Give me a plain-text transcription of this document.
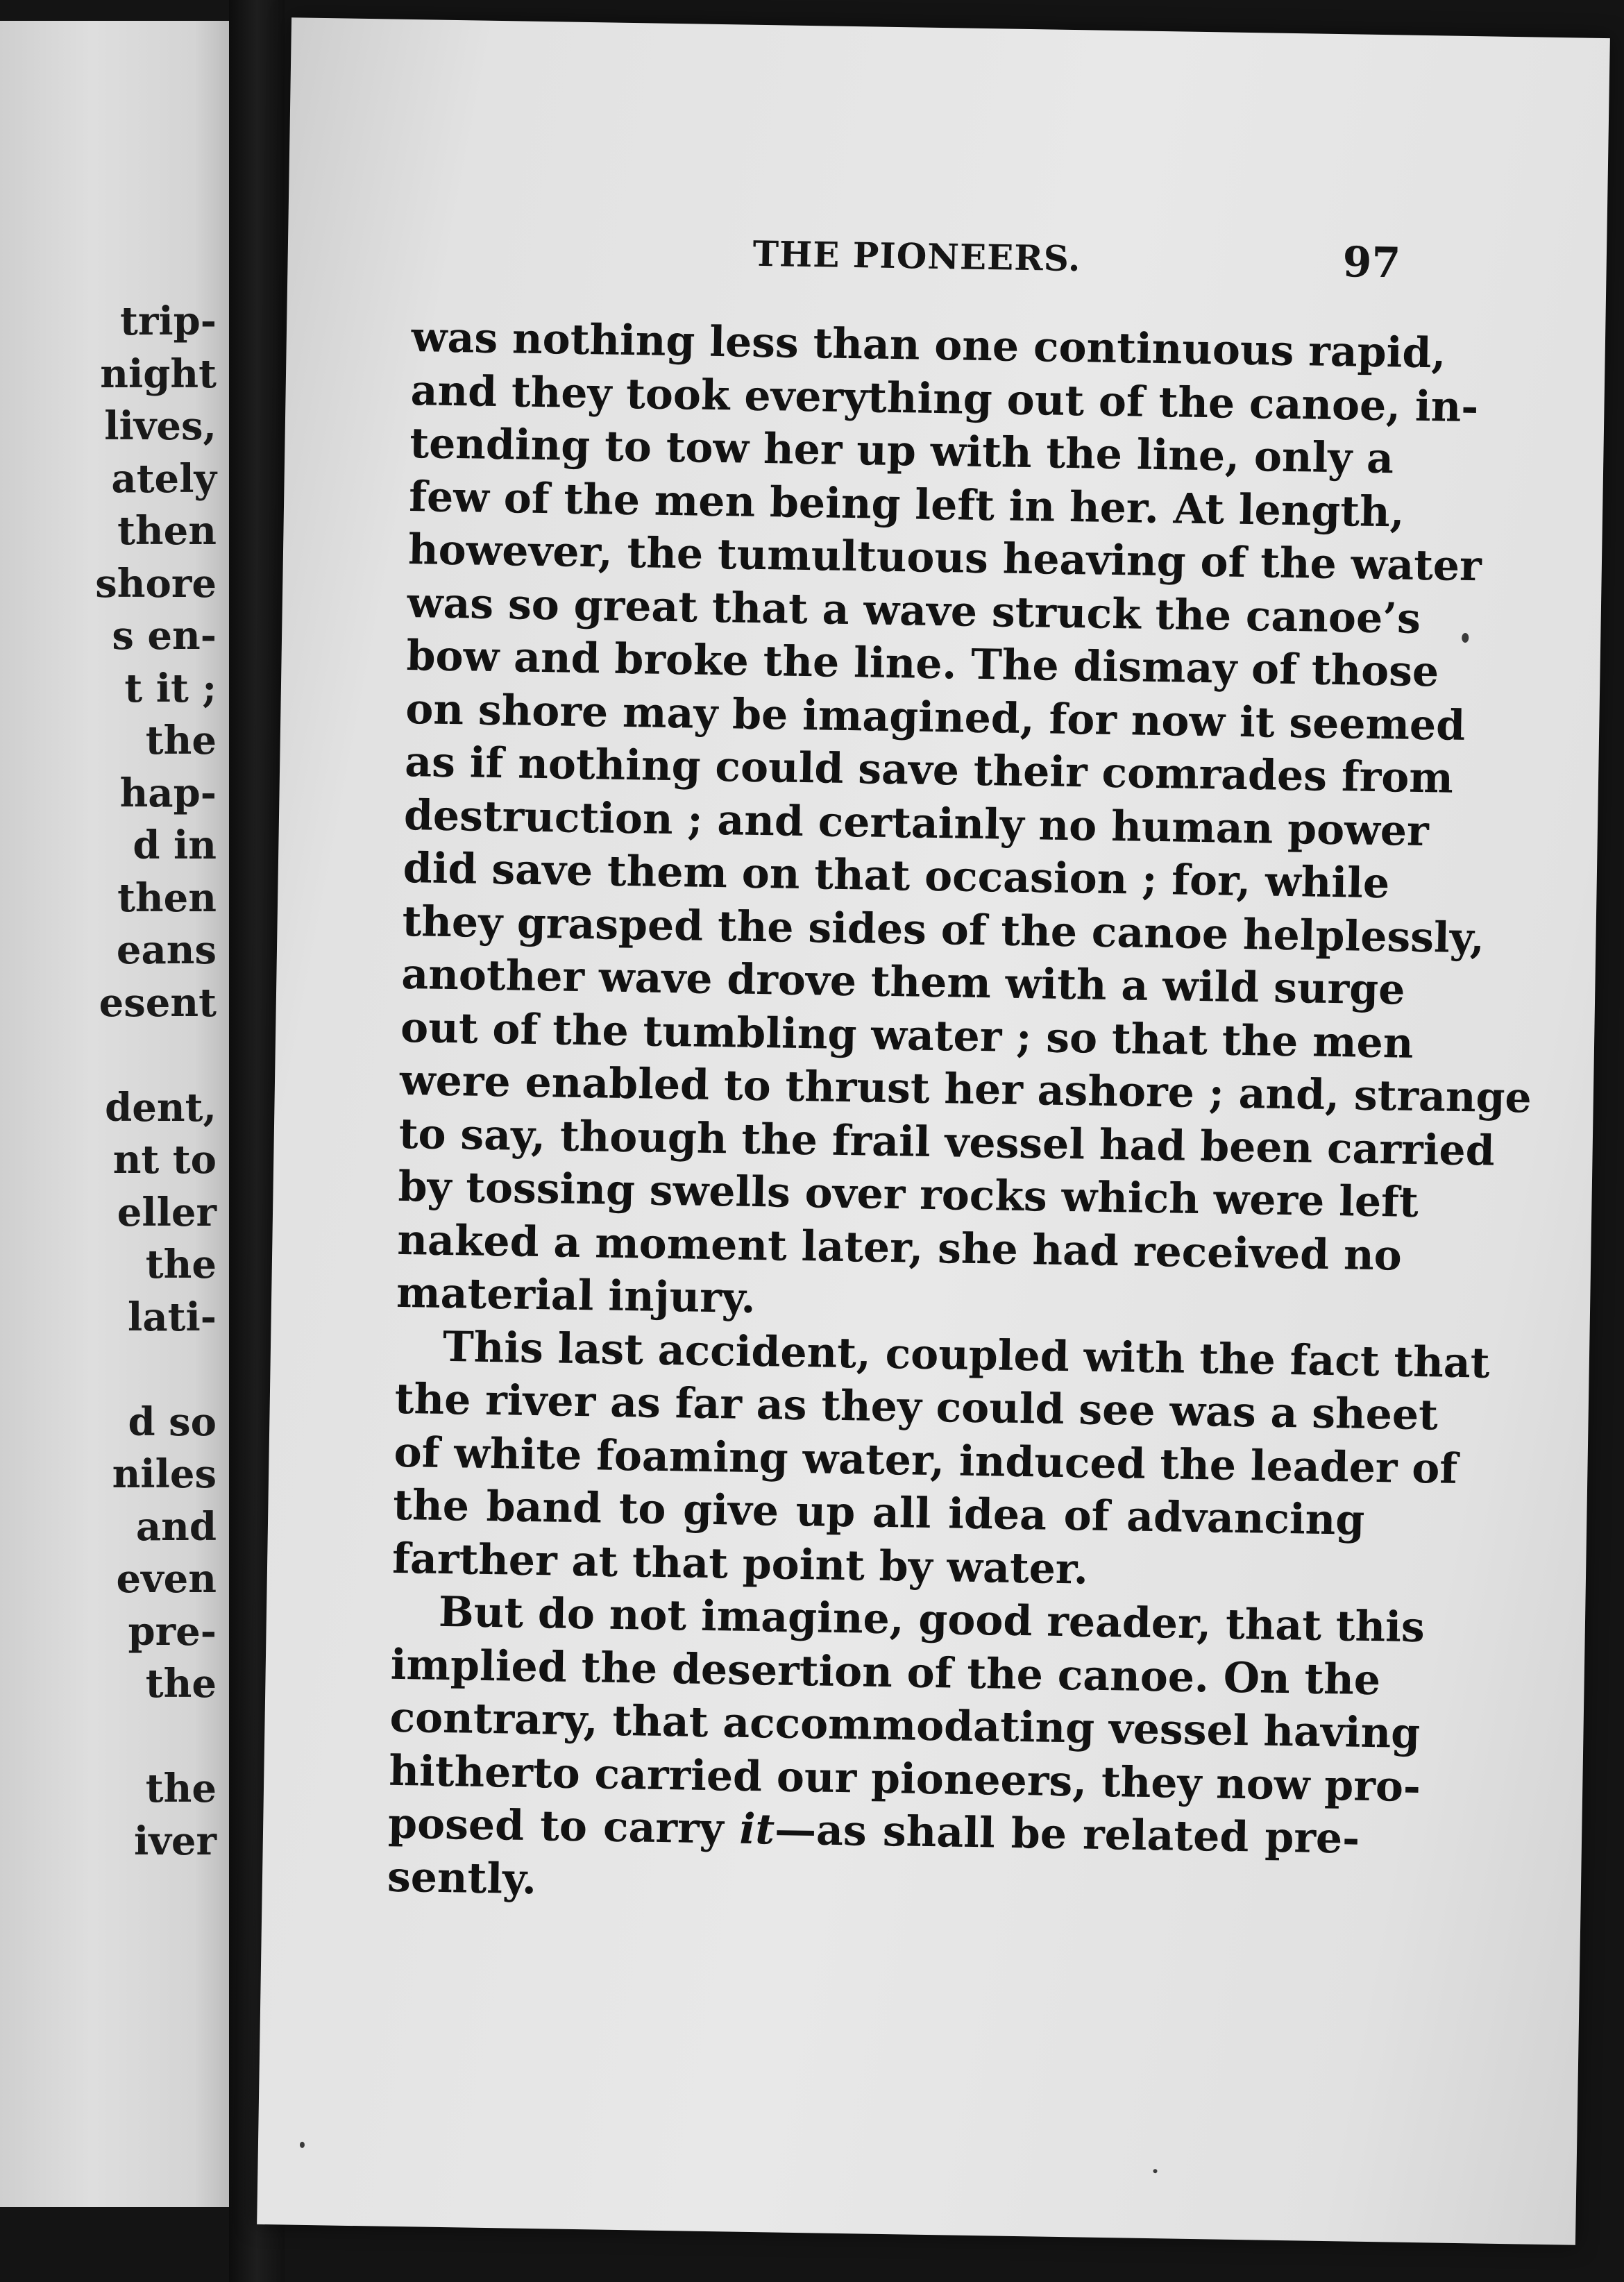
trip-
night
lives,
ately
then
shore
s en-
t it ;
the
hap-
d in
then
eans
esent
dent,
nt to
eller
the
lati-
d so
niles
and
even
pre-
the
the
iver
THE PIONEERS.	97
was nothing less than one continuous rapid,
and they took everything out of the canoe, in-
tending to tow her up with the line, only a
few of the men being left in her. At length,
however, the tumultuous heaving of the water
was so great that a wave struck the canoe’s
bow and broke the line. The dismay of those
on shore may be imagined, for now it seemed
as if nothing could save their comrades from
destruction ; and certainly no human power
did save them on that occasion ; for, while
they grasped the sides of the canoe helplessly,
another wave drove them with a wild surge
out of the tumbling water ; so that the men
were enabled to thrust her ashore ; and, strange
to say, though the frail vessel had been carried
by tossing swells over rocks which were left
naked a moment later, she had received no
material injury.
This last accident, coupled with the fact that
the river as far as they could see was a sheet
of white foaming water, induced the leader of
the band to give up all idea of advancing
farther at that point by water.
But do not imagine, good reader, that this
implied the desertion of the canoe. On the
contrary, that accommodating vessel having
hitherto carried our pioneers, they now pro-
posed to carry it—as shall be related pre-
sently.
